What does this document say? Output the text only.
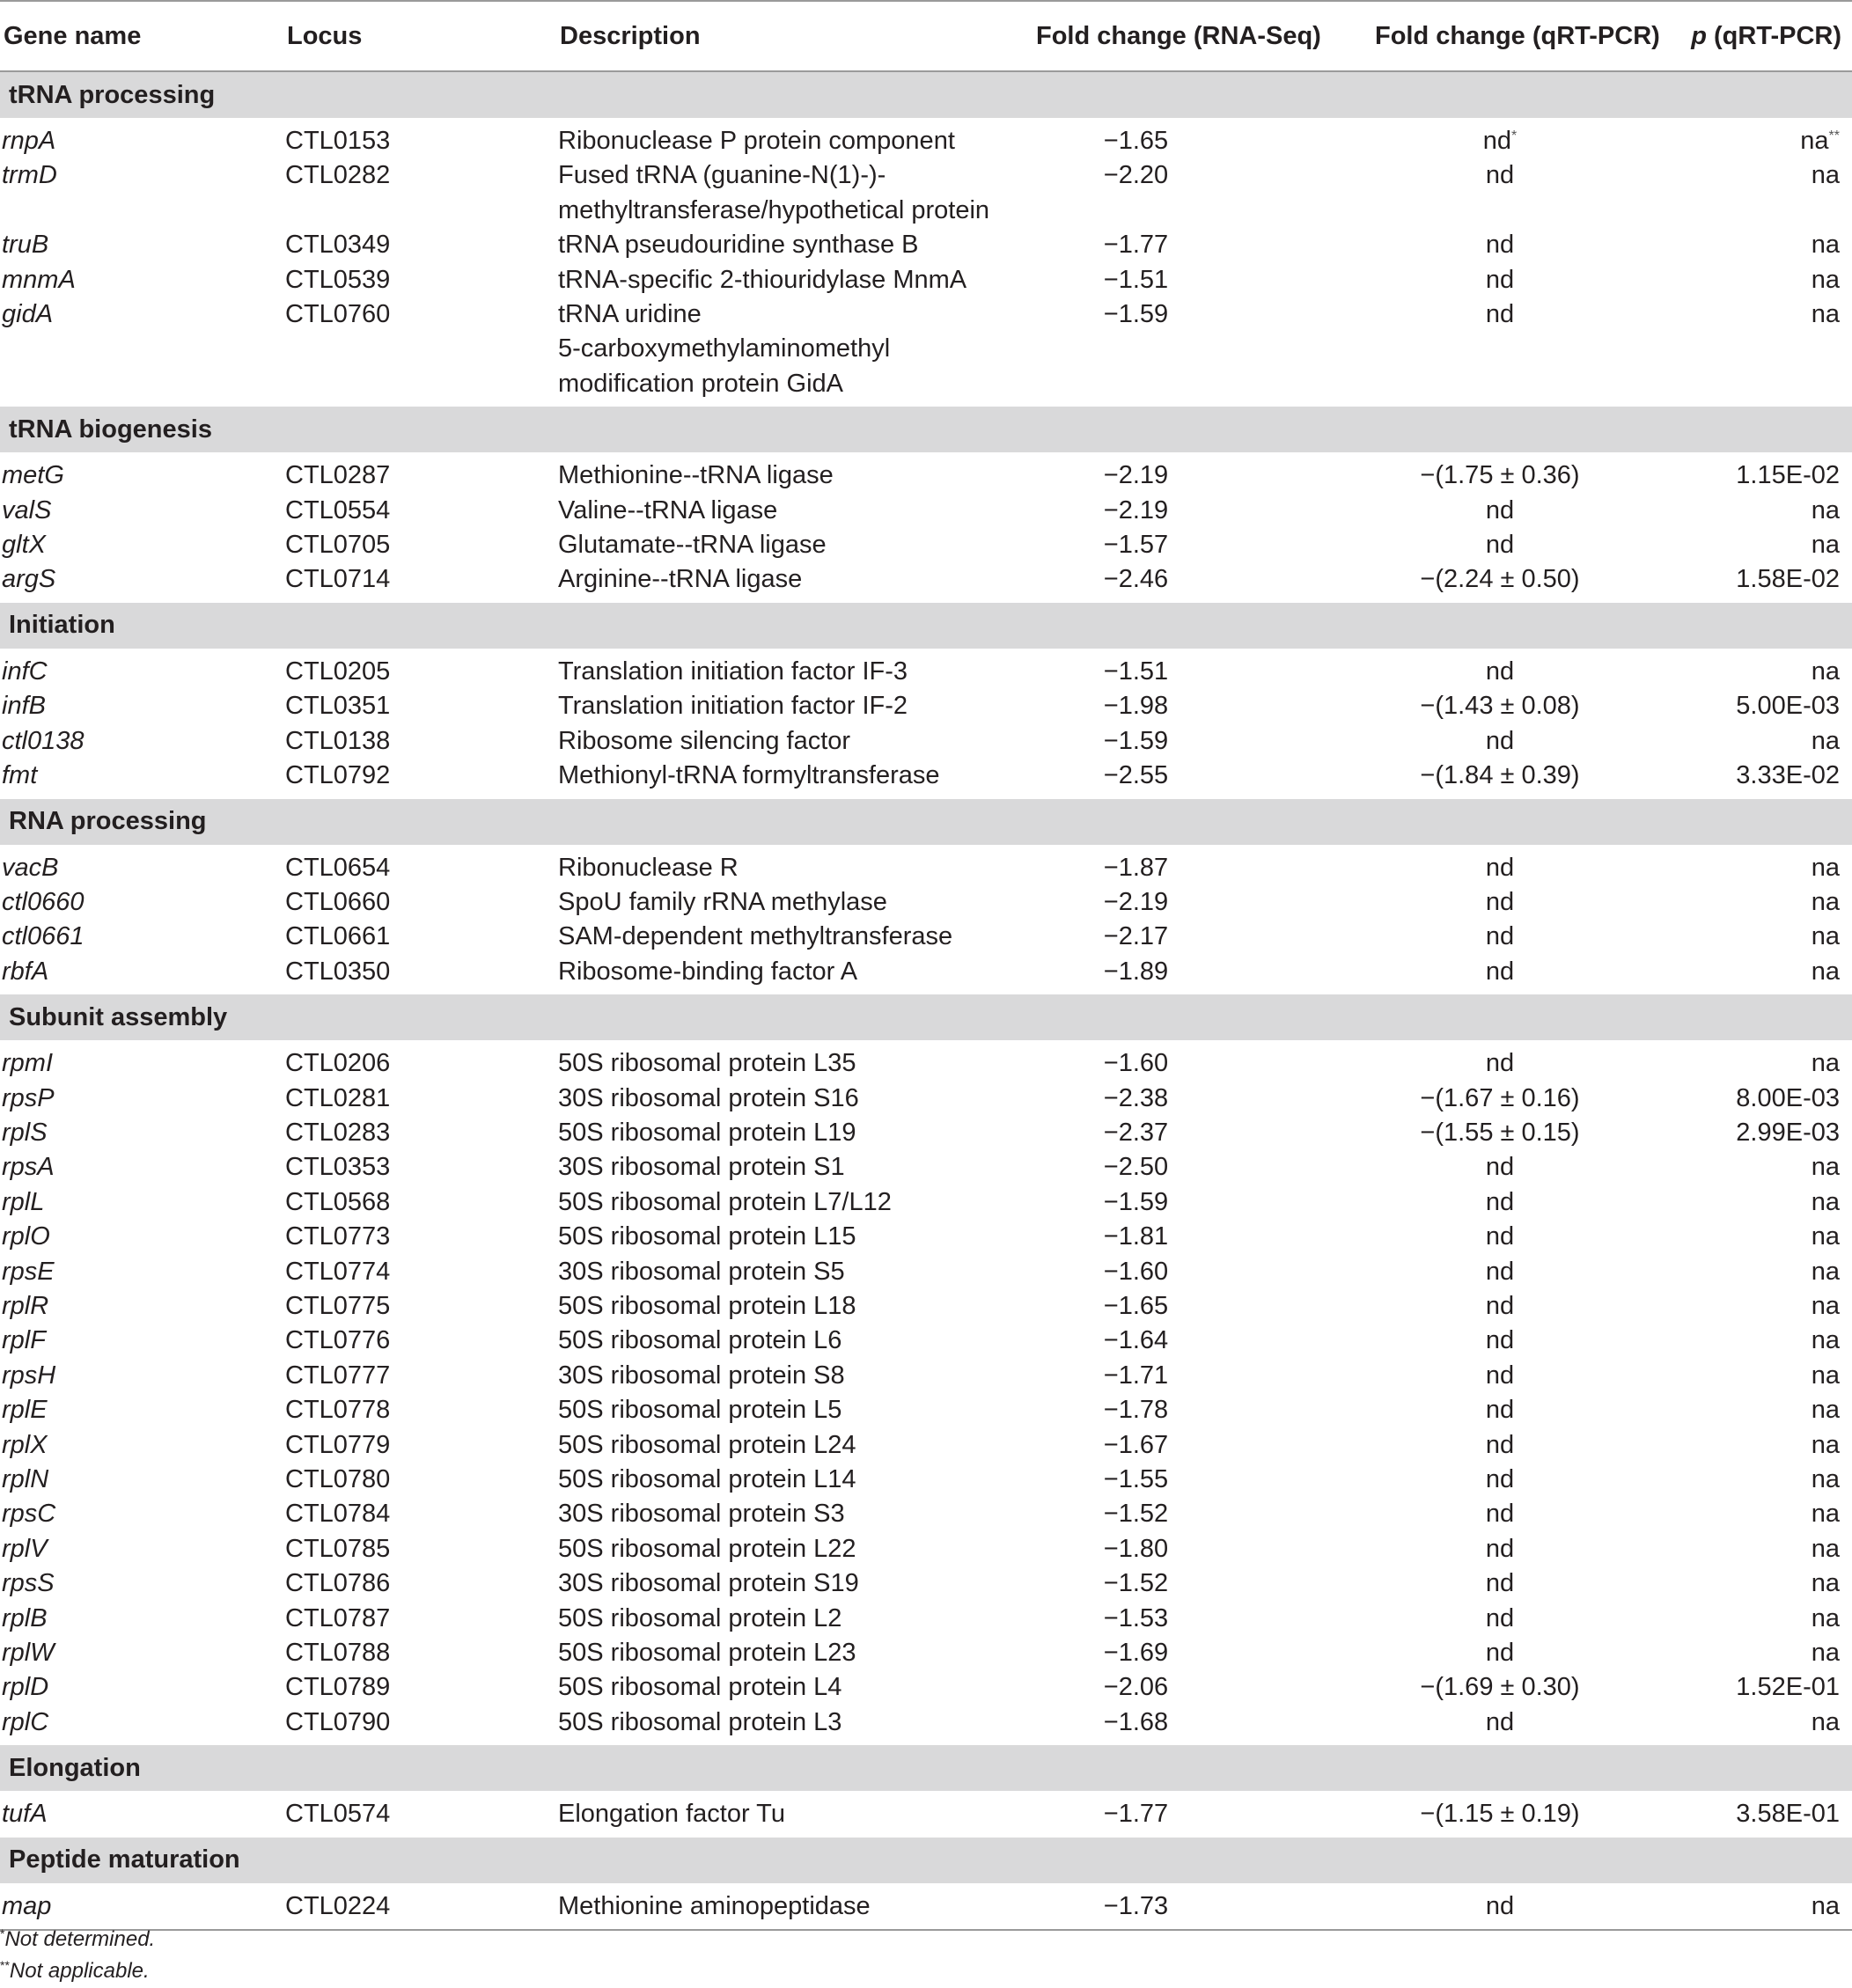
Gene name	Locus	Description	Fold change (RNA-Seq)	Fold change (qRT-PCR)	p (qRT-PCR)
tRNA processing					
rnpA	CTL0153	Ribonuclease P protein component	−1.65	nd*	na**
trmD	CTL0282	Fused tRNA (guanine-N(1)-)-
methyltransferase/hypothetical protein	−2.20	nd	na
truB	CTL0349	tRNA pseudouridine synthase B	−1.77	nd	na
mnmA	CTL0539	tRNA-specific 2-thiouridylase MnmA	−1.51	nd	na
gidA	CTL0760	tRNA uridine
5-carboxymethylaminomethyl
modification protein GidA	−1.59	nd	na
tRNA biogenesis					
metG	CTL0287	Methionine--tRNA ligase	−2.19	−(1.75 ± 0.36)	1.15E-02
valS	CTL0554	Valine--tRNA ligase	−2.19	nd	na
gltX	CTL0705	Glutamate--tRNA ligase	−1.57	nd	na
argS	CTL0714	Arginine--tRNA ligase	−2.46	−(2.24 ± 0.50)	1.58E-02
Initiation					
infC	CTL0205	Translation initiation factor IF-3	−1.51	nd	na
infB	CTL0351	Translation initiation factor IF-2	−1.98	−(1.43 ± 0.08)	5.00E-03
ctl0138	CTL0138	Ribosome silencing factor	−1.59	nd	na
fmt	CTL0792	Methionyl-tRNA formyltransferase	−2.55	−(1.84 ± 0.39)	3.33E-02
RNA processing					
vacB	CTL0654	Ribonuclease R	−1.87	nd	na
ctl0660	CTL0660	SpoU family rRNA methylase	−2.19	nd	na
ctl0661	CTL0661	SAM-dependent methyltransferase	−2.17	nd	na
rbfA	CTL0350	Ribosome-binding factor A	−1.89	nd	na
Subunit assembly					
rpmI	CTL0206	50S ribosomal protein L35	−1.60	nd	na
rpsP	CTL0281	30S ribosomal protein S16	−2.38	−(1.67 ± 0.16)	8.00E-03
rplS	CTL0283	50S ribosomal protein L19	−2.37	−(1.55 ± 0.15)	2.99E-03
rpsA	CTL0353	30S ribosomal protein S1	−2.50	nd	na
rplL	CTL0568	50S ribosomal protein L7/L12	−1.59	nd	na
rplO	CTL0773	50S ribosomal protein L15	−1.81	nd	na
rpsE	CTL0774	30S ribosomal protein S5	−1.60	nd	na
rplR	CTL0775	50S ribosomal protein L18	−1.65	nd	na
rplF	CTL0776	50S ribosomal protein L6	−1.64	nd	na
rpsH	CTL0777	30S ribosomal protein S8	−1.71	nd	na
rplE	CTL0778	50S ribosomal protein L5	−1.78	nd	na
rplX	CTL0779	50S ribosomal protein L24	−1.67	nd	na
rplN	CTL0780	50S ribosomal protein L14	−1.55	nd	na
rpsC	CTL0784	30S ribosomal protein S3	−1.52	nd	na
rplV	CTL0785	50S ribosomal protein L22	−1.80	nd	na
rpsS	CTL0786	30S ribosomal protein S19	−1.52	nd	na
rplB	CTL0787	50S ribosomal protein L2	−1.53	nd	na
rplW	CTL0788	50S ribosomal protein L23	−1.69	nd	na
rplD	CTL0789	50S ribosomal protein L4	−2.06	−(1.69 ± 0.30)	1.52E-01
rplC	CTL0790	50S ribosomal protein L3	−1.68	nd	na
Elongation					
tufA	CTL0574	Elongation factor Tu	−1.77	−(1.15 ± 0.19)	3.58E-01
Peptide maturation					
map	CTL0224	Methionine aminopeptidase	−1.73	nd	na
*Not determined.
**Not applicable.
